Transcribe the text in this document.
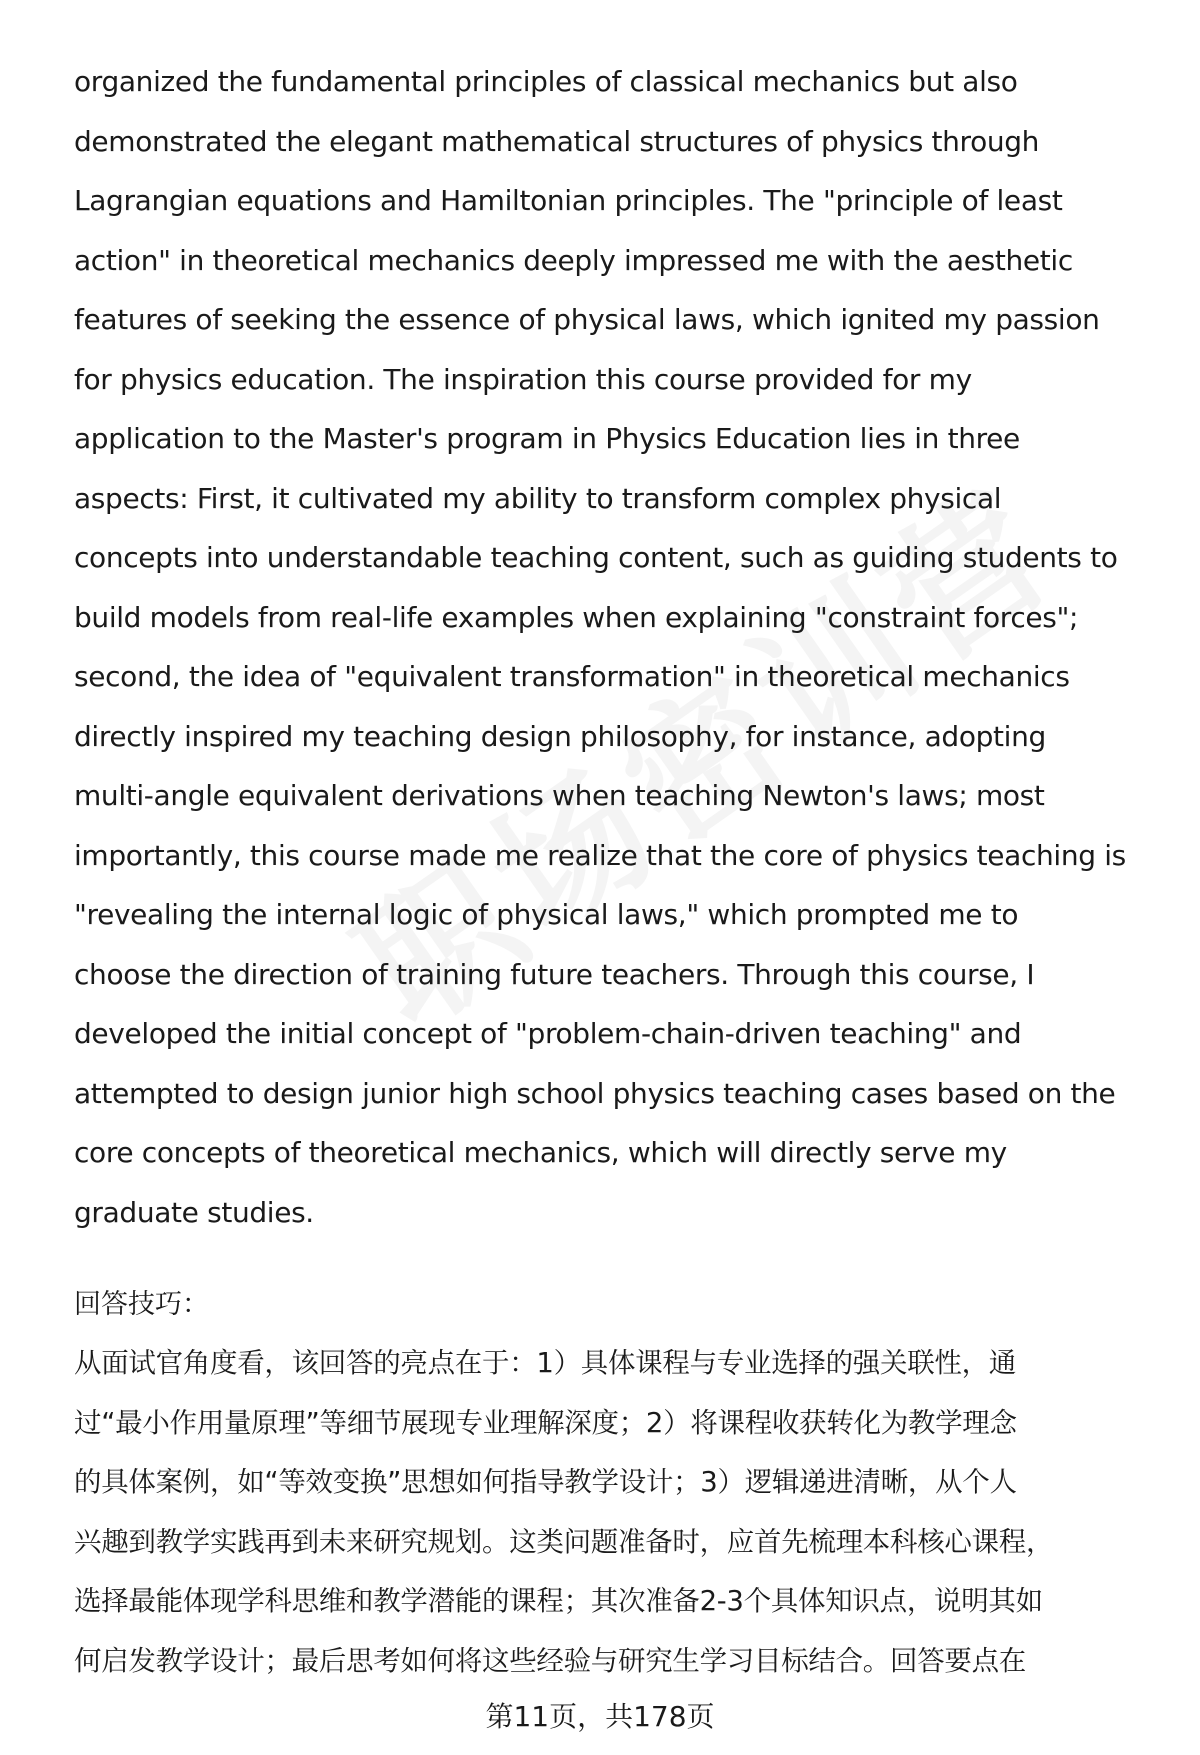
organized the fundamental principles of classical mechanics but also
demonstrated the elegant mathematical structures of physics through
Lagrangian equations and Hamiltonian principles. The "principle of least
action" in theoretical mechanics deeply impressed me with the aesthetic
features of seeking the essence of physical laws, which ignited my passion
for physics education. The inspiration this course provided for my
application to the Master's program in Physics Education lies in three
aspects: First, it cultivated my ability to transform complex physical
concepts into understandable teaching content, such as guiding students to
build models from real-life examples when explaining "constraint forces";
second, the idea of "equivalent transformation" in theoretical mechanics
directly inspired my teaching design philosophy, for instance, adopting
multi-angle equivalent derivations when teaching Newton's laws; most
importantly, this course made me realize that the core of physics teaching is
"revealing the internal logic of physical laws," which prompted me to
choose the direction of training future teachers. Through this course, I
developed the initial concept of "problem-chain-driven teaching" and
attempted to design junior high school physics teaching cases based on the
core concepts of theoretical mechanics, which will directly serve my
graduate studies.
回答技巧：
从面试官角度看，该回答的亮点在于：1）具体课程与专业选择的强关联性，通
过“最小作用量原理”等细节展现专业理解深度；2）将课程收获转化为教学理念
的具体案例，如“等效变换”思想如何指导教学设计；3）逻辑递进清晰，从个人
兴趣到教学实践再到未来研究规划。这类问题准备时，应首先梳理本科核心课程，
选择最能体现学科思维和教学潜能的课程；其次准备2-3个具体知识点，说明其如
何启发教学设计；最后思考如何将这些经验与研究生学习目标结合。回答要点在
第11页，共178页
